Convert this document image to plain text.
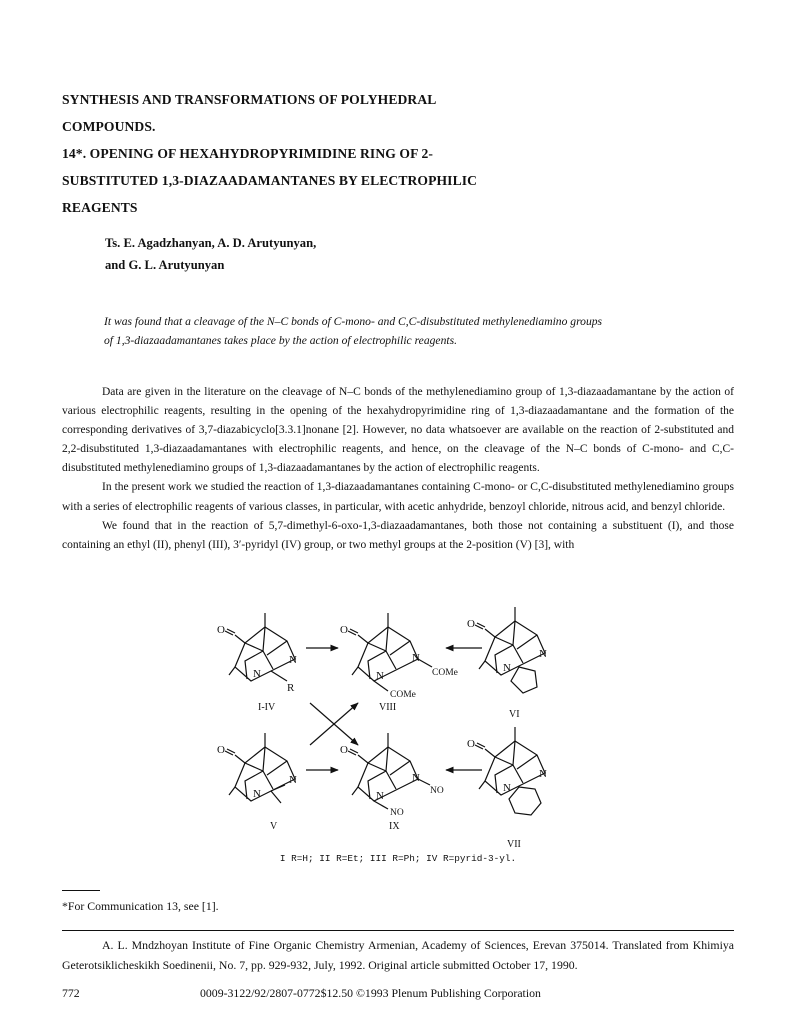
SYNTHESIS AND TRANSFORMATIONS OF POLYHEDRAL
COMPOUNDS.
14*. OPENING OF HEXAHYDROPYRIMIDINE RING OF 2-
SUBSTITUTED 1,3-DIAZAADAMANTANES BY ELECTROPHILIC
REAGENTS
Ts. E. Agadzhanyan, A. D. Arutyunyan,
and G. L. Arutyunyan
It was found that a cleavage of the N–C bonds of C-mono- and C,C-disubstituted methylenediamino groups
of 1,3-diazaadamantanes takes place by the action of electrophilic reagents.

Data are given in the literature on the cleavage of N–C bonds of the methylenediamino group of 1,3-diazaadamantane by the action of various electrophilic reagents, resulting in the opening of the hexahydropyrimidine ring of 1,3-diazaadamantane and the formation of the corresponding derivatives of 3,7-diazabicyclo[3.3.1]nonane [2]. However, no data whatsoever are available on the reaction of 2-substituted and 2,2-disubstituted 1,3-diazaadamantanes with electrophilic reagents, and hence, on the cleavage of the N–C bonds of C-mono- and C,C-disubstituted methylenediamino groups of 1,3-diazaadamantanes by the action of electrophilic reagents.

In the present work we studied the reaction of 1,3-diazaadamantanes containing C-mono- or C,C-disubstituted methylenediamino groups with a series of electrophilic reagents of various classes, in particular, with acetic anhydride, benzoyl chloride, nitrous acid, and benzyl chloride.

We found that in the reaction of 5,7-dimethyl-6-oxo-1,3-diazaadamantanes, both those not containing a substituent (I), and those containing an ethyl (II), phenyl (III), 3′-pyridyl (IV) group, or two methyl groups at the 2-position (V) [3], with

O
N
N
R
I-IV
O
N
N	COMe
COMe
VIII
O
N
N
VI
O
N
N
V
O
N
N	NO
NO
IX
O
N
N
VII
I R=H; II R=Et; III R=Ph; IV R=pyrid-3-yl.
*For Communication 13, see [1].

A. L. Mndzhoyan Institute of Fine Organic Chemistry Armenian, Academy of Sciences, Erevan 375014. Translated from Khimiya Geterotsiklicheskikh Soedinenii, No. 7, pp. 929-932, July, 1992. Original article submitted October 17, 1990.

772	0009-3122/92/2807-0772$12.50 ©1993 Plenum Publishing Corporation
